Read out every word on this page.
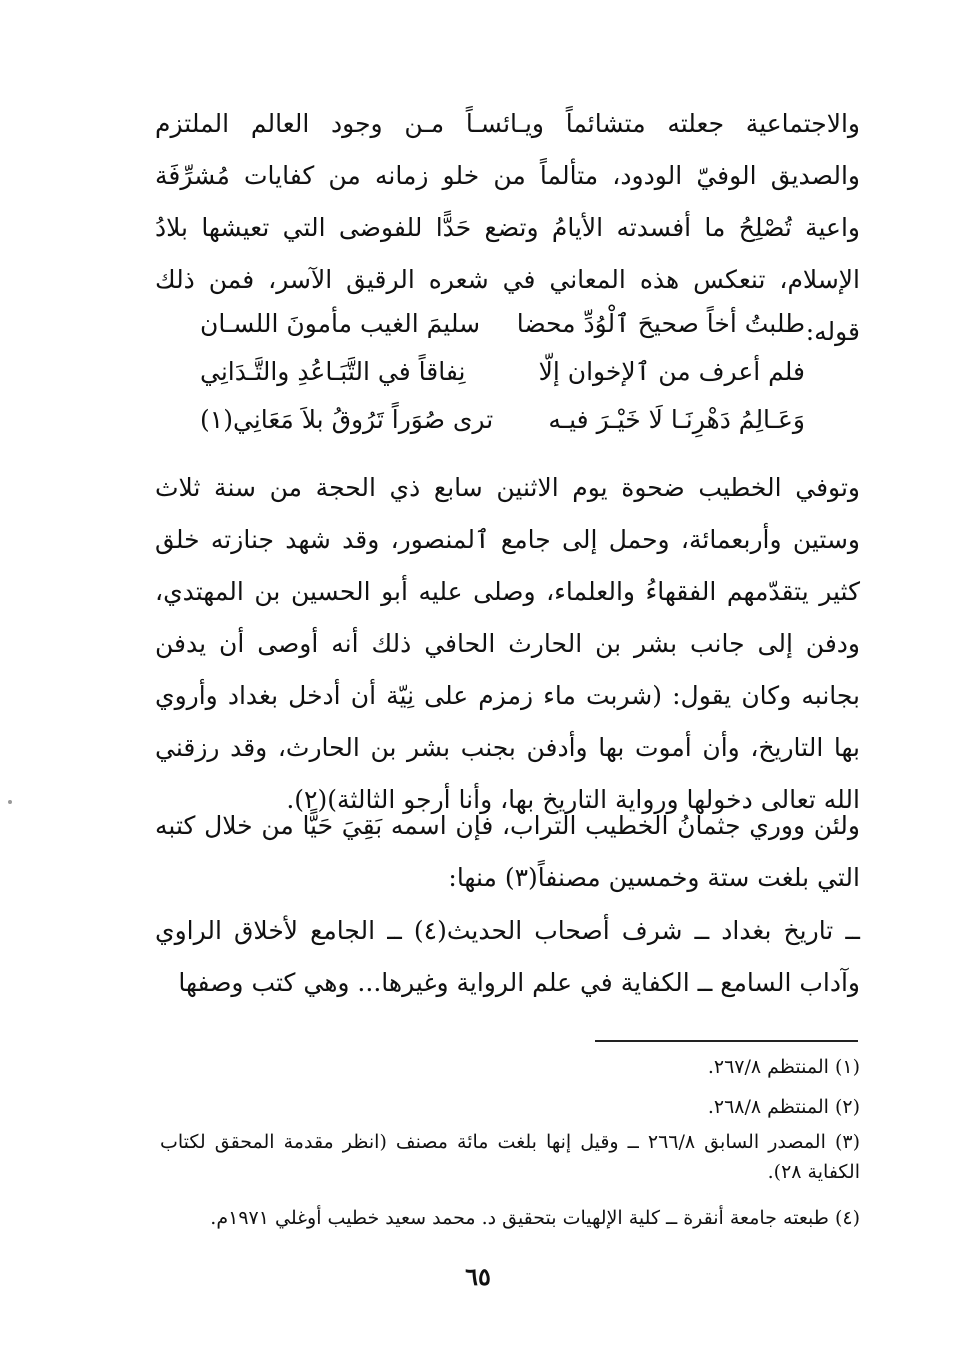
والاجتماعية جعلته متشائماً ويـائسـاً مـن وجود العالم الملتزم والصديق الوفيّ الودود، متألماً من خلو زمانه من كفايات مُشرِّفَة واعية تُصْلِحُ ما أفسدته الأيامُ وتضع حَدًّا للفوضى التي تعيشها بلادُ الإسلام، تنعكس هذه المعاني في شعره الرقيق الآسر، فمن ذلك قوله:

طلبتُ أخاً صحيحَ ٱلْوُدِّ محضا
سليمَ الغيب مأمونَ اللسـان
فلم أعرف من ٱلإخوان إلّا
نِفاقاً في التَّبَـاعُدِ والتَّـدَانِي
وَعَـالِمُ دَهْرِنَـا لَا خَيْـرَ فيـه
ترى صُوَراً تَرُوقُ بلاَ مَعَانِي(١)

وتوفي الخطيب ضحوة يوم الاثنين سابع ذي الحجة من سنة ثلاث وستين وأربعمائة، وحمل إلى جامع ٱلمنصور، وقد شهد جنازته خلق كثير يتقدّمهم الفقهاءُ والعلماء، وصلى عليه أبو الحسين بن المهتدي، ودفن إلى جانب بشر بن الحارث الحافي ذلك أنه أوصى أن يدفن بجانبه وكان يقول: (شربت ماء زمزم على نِيّة أن أدخل بغداد وأروي بها التاريخ، وأن أموت بها وأدفن بجنب بشر بن الحارث، وقد رزقني الله تعالى دخولها ورواية التاريخ بها، وأنا أرجو الثالثة)(٢).

ولئن ووري جثمانُ الخطيب التراب، فإن اسمه بَقِيَ حَيًّا من خلال كتبه التي بلغت ستة وخمسين مصنفاً(٣) منها:

ــ تاريخ بغداد ــ شرف أصحاب الحديث(٤) ــ الجامع لأخلاق الراوي وآداب السامع ــ الكفاية في علم الرواية وغيرها... وهي كتب وصفها

(١) المنتظم ٢٦٧/٨.

(٢) المنتظم ٢٦٨/٨.

(٣) المصدر السابق ٢٦٦/٨ ــ وقيل إنها بلغت مائة مصنف (انظر مقدمة المحقق لكتاب الكفاية ٢٨).

(٤) طبعته جامعة أنقرة ــ كلية الإلهيات بتحقيق د. محمد سعيد خطيب أوغلي ١٩٧١م.

٦٥
